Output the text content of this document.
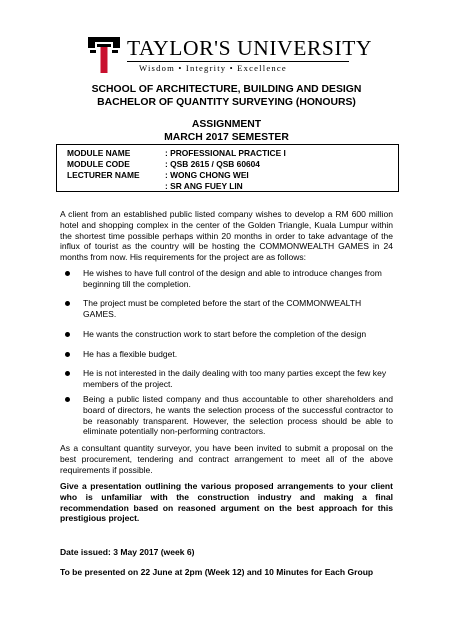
TAYLOR'S UNIVERSITY
Wisdom • Integrity • Excellence
SCHOOL OF ARCHITECTURE, BUILDING AND DESIGN
BACHELOR OF QUANTITY SURVEYING (HONOURS)
ASSIGNMENT
MARCH 2017 SEMESTER
MODULE NAME	: PROFESSIONAL PRACTICE I
MODULE CODE	: QSB 2615 / QSB 60604
LECTURER NAME	: WONG CHONG WEI
: SR ANG FUEY LIN
A client from an established public listed company wishes to develop a RM 600 million hotel and shopping complex in the center of the Golden Triangle, Kuala Lumpur within the shortest time possible perhaps within 20 months in order to take advantage of the influx of tourist as the country will be hosting the COMMONWEALTH GAMES in 24 months from now. His requirements for the project are as follows:
He wishes to have full control of the design and able to introduce changes from beginning till the completion.
The project must be completed before the start of the COMMONWEALTH GAMES.
He wants the construction work to start before the completion of the design
He has a flexible budget.
He is not interested in the daily dealing with too many parties except the few key members of the project.
Being a public listed company and thus accountable to other shareholders and board of directors, he wants the selection process of the successful contractor to be reasonably transparent. However, the selection process should be able to eliminate potentially non-performing contractors.
As a consultant quantity surveyor, you have been invited to submit a proposal on the best procurement, tendering and contract arrangement to meet all of the above requirements if possible.
Give a presentation outlining the various proposed arrangements to your client who is unfamiliar with the construction industry and making a final recommendation based on reasoned argument on the best approach for this prestigious project.
Date issued: 3 May 2017 (week 6)
To be presented on 22 June at 2pm (Week 12) and 10 Minutes for Each Group
